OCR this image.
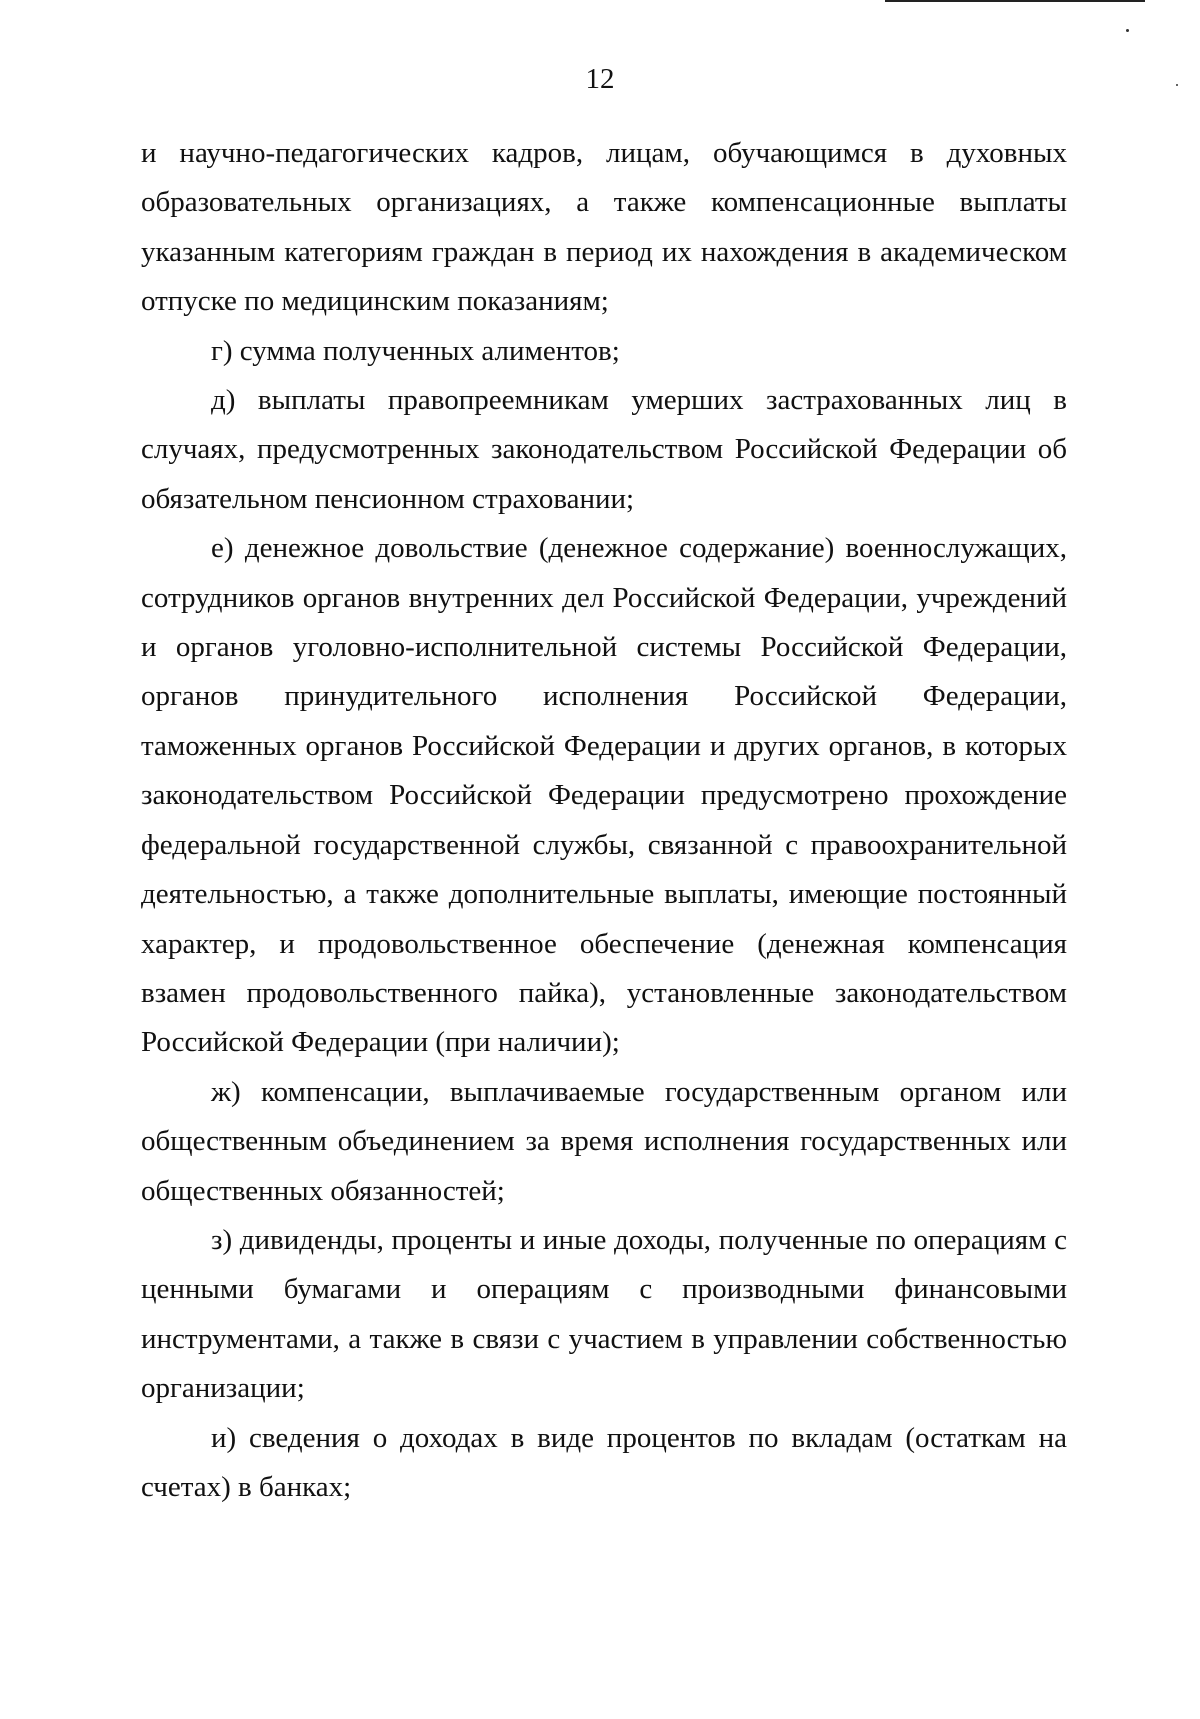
12

и научно-педагогических кадров, лицам, обучающимся в духовных образовательных организациях, а также компенсационные выплаты указанным категориям граждан в период их нахождения в академическом отпуске по медицинским показаниям;

г) сумма полученных алиментов;

д) выплаты правопреемникам умерших застрахованных лиц в случаях, предусмотренных законодательством Российской Федерации об обязательном пенсионном страховании;

е) денежное довольствие (денежное содержание) военнослужащих, сотрудников органов внутренних дел Российской Федерации, учреждений и органов уголовно-исполнительной системы Российской Федерации, органов принудительного исполнения Российской Федерации, таможенных органов Российской Федерации и других органов, в которых законодательством Российской Федерации предусмотрено прохождение федеральной государственной службы, связанной с правоохранительной деятельностью, а также дополнительные выплаты, имеющие постоянный характер, и продовольственное обеспечение (денежная компенсация взамен продовольственного пайка), установленные законодательством Российской Федерации (при наличии);

ж) компенсации, выплачиваемые государственным органом или общественным объединением за время исполнения государственных или общественных обязанностей;

з) дивиденды, проценты и иные доходы, полученные по операциям с ценными бумагами и операциям с производными финансовыми инструментами, а также в связи с участием в управлении собственностью организации;

и) сведения о доходах в виде процентов по вкладам (остаткам на счетах) в банках;
